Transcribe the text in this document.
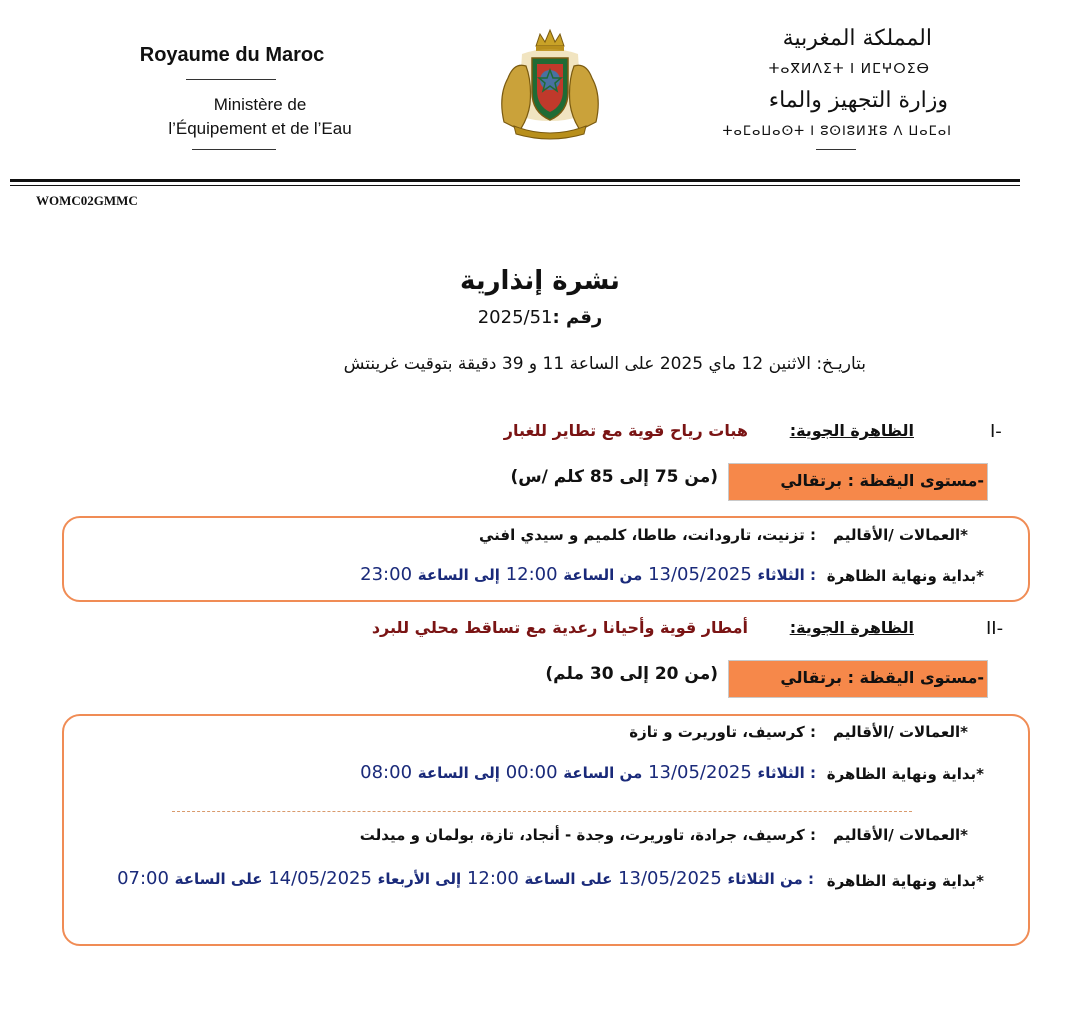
Royaume du Maroc
Ministère de
l’Équipement et de l’Eau
المملكة المغربية
ⵜⴰⴳⵍⴷⵉⵜ ⵏ ⵍⵎⵖⵔⵉⴱ
وزارة التجهيز والماء
ⵜⴰⵎⴰⵡⴰⵙⵜ ⵏ ⵓⵙⵏⵓⵍⴼⵓ ⴷ ⵡⴰⵎⴰⵏ
WOMC02GMMC
نشرة إنذارية
رقم :2025/51
بتاريـخ: الاثنين 12 ماي 2025 على الساعة 11 و 39 دقيقة بتوقيت غرينتش
I-
الظاهرة الجوية:
هبات رياح قوية مع تطاير للغبار
-مستوى اليقظة : برتقالي
(من 75 إلى 85 كلم /س)
*العمالات /الأقاليم
: تزنيت، تارودانت، طاطا، كلميم و سيدي افني
*بداية ونهاية الظاهرة
: الثلاثاء 13/05/2025 من الساعة 12:00 إلى الساعة 23:00
II-
الظاهرة الجوية:
أمطار قوية وأحيانا رعدية مع تساقط محلي للبرد
-مستوى اليقظة : برتقالي
(من 20 إلى 30 ملم)
*العمالات /الأقاليم
: كرسيف، تاوريرت و تازة
*بداية ونهاية الظاهرة
: الثلاثاء 13/05/2025 من الساعة 00:00 إلى الساعة 08:00
*العمالات /الأقاليم
: كرسيف، جرادة، تاوريرت، وجدة - أنجاد، تازة، بولمان و ميدلت
*بداية ونهاية الظاهرة
: من الثلاثاء 13/05/2025 على الساعة 12:00 إلى الأربعاء 14/05/2025 على الساعة 07:00
